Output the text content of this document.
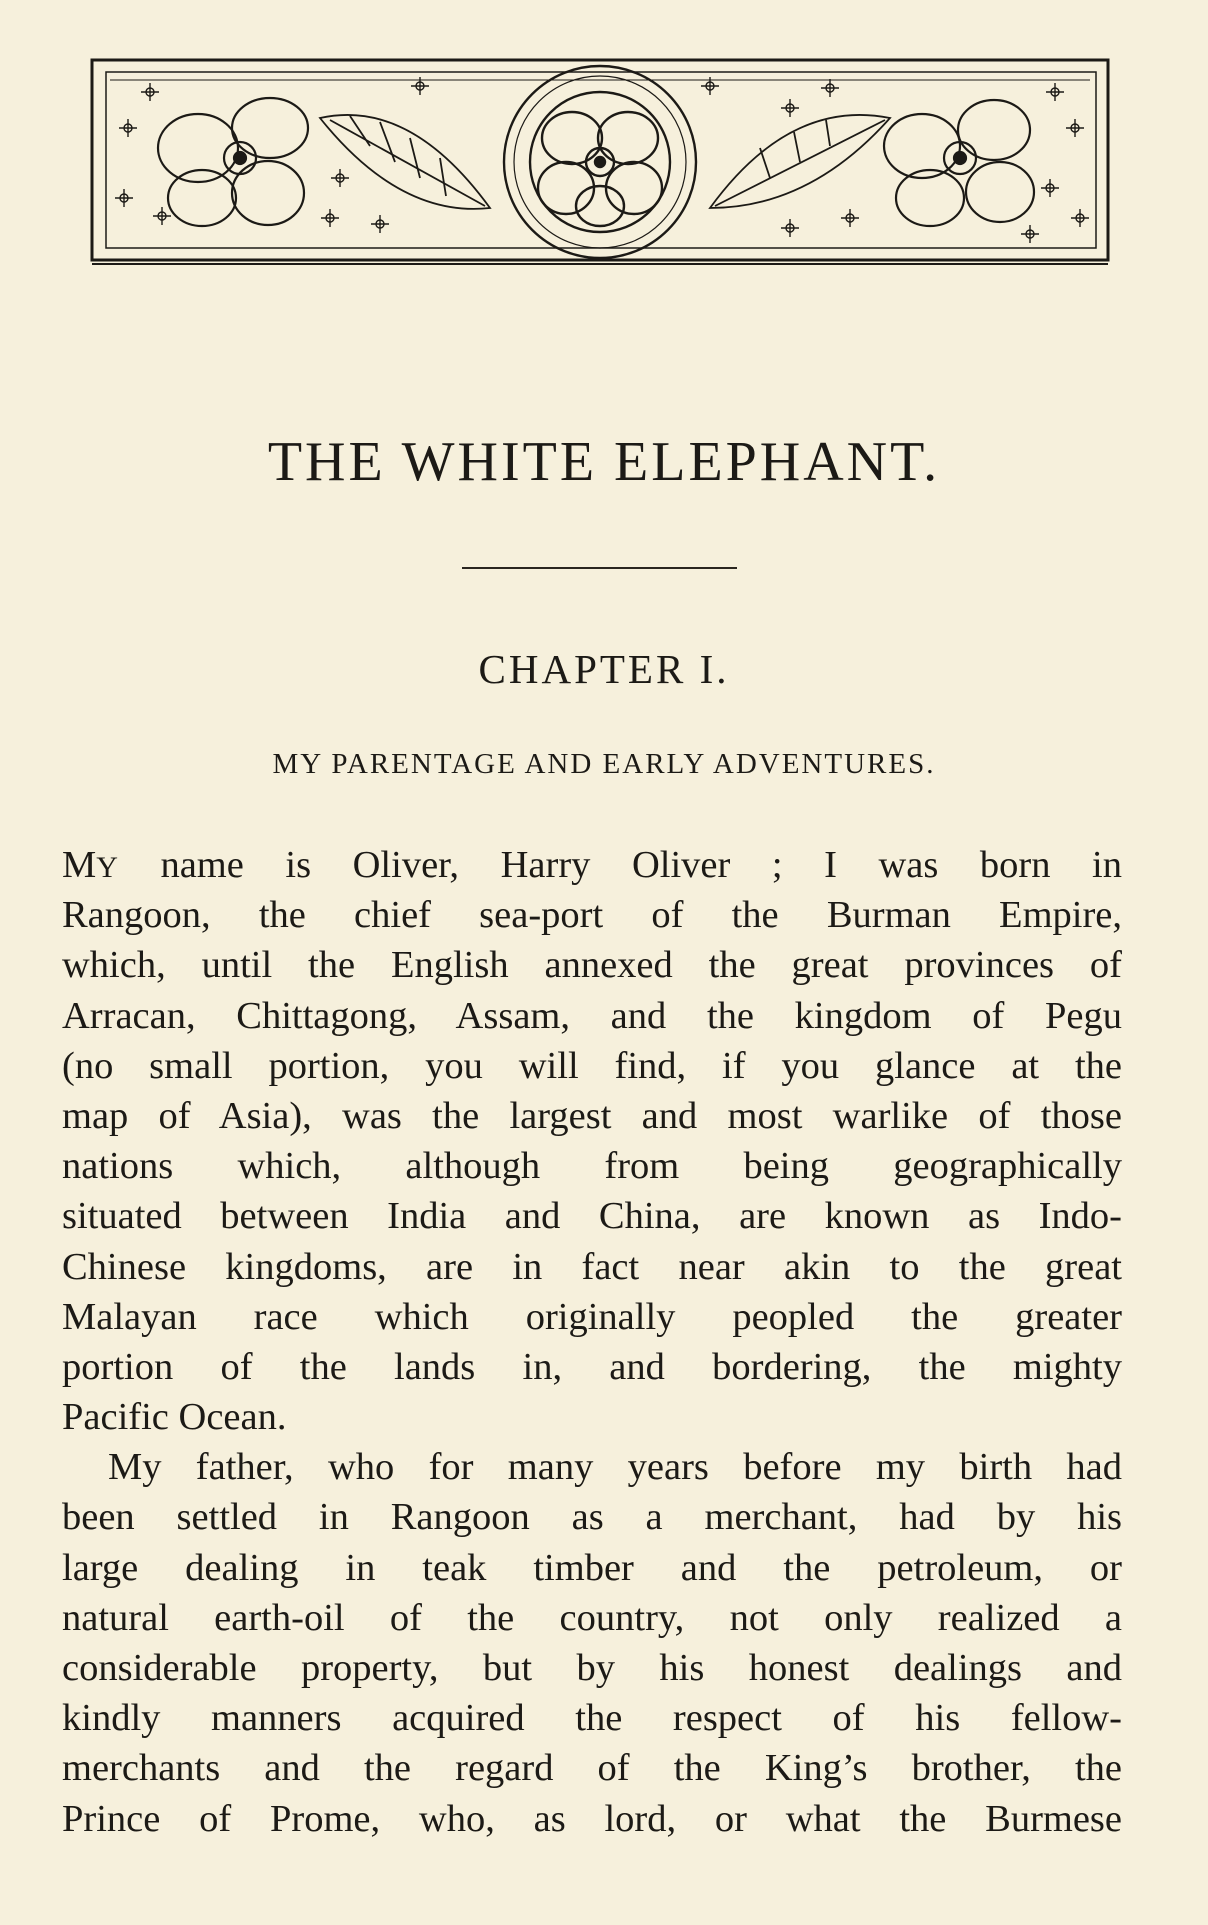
THE WHITE ELEPHANT.
CHAPTER I.
MY PARENTAGE AND EARLY ADVENTURES.
MY name is Oliver, Harry Oliver ; I was born in
Rangoon, the chief sea-port of the Burman Empire,
which, until the English annexed the great provinces of
Arracan, Chittagong, Assam, and the kingdom of Pegu
(no small portion, you will find, if you glance at the
map of Asia), was the largest and most warlike of those
nations which, although from being geographically
situated between India and China, are known as Indo-
Chinese kingdoms, are in fact near akin to the great
Malayan race which originally peopled the greater
portion of the lands in, and bordering, the mighty
Pacific Ocean.
My father, who for many years before my birth had
been settled in Rangoon as a merchant, had by his
large dealing in teak timber and the petroleum, or
natural earth-oil of the country, not only realized a
considerable property, but by his honest dealings and
kindly manners acquired the respect of his fellow-
merchants and the regard of the King’s brother, the
Prince of Prome, who, as lord, or what the Burmese
